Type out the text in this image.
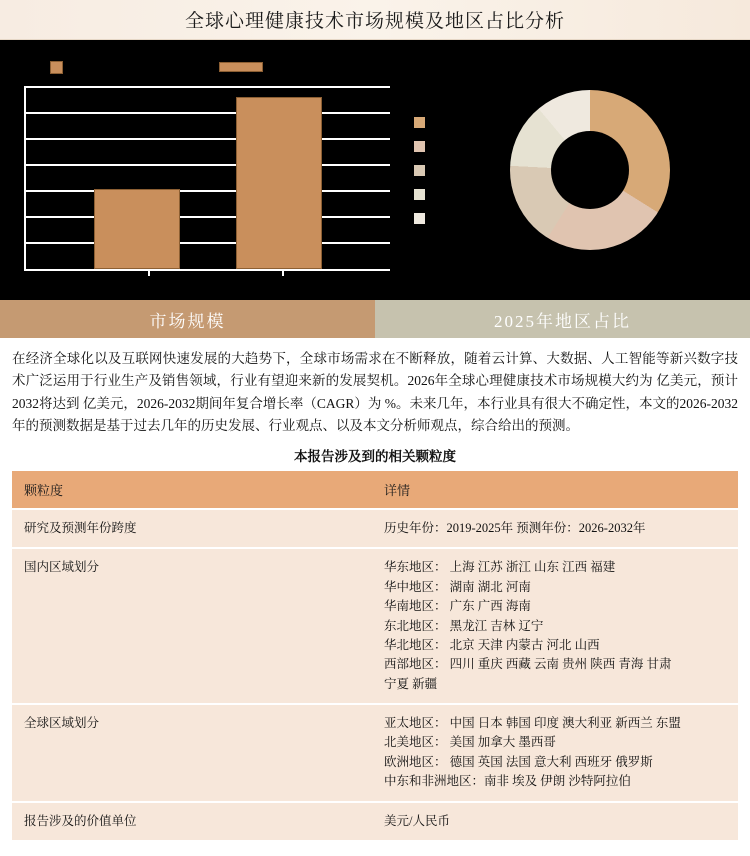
全球心理健康技术市场规模及地区占比分析
市场规模	2025年地区占比
在经济全球化以及互联网快速发展的大趋势下，全球市场需求在不断释放，随着云计算、大数据、人工智能等新兴数字技术广泛运用于行业生产及销售领域，行业有望迎来新的发展契机。2026年全球心理健康技术市场规模大约为 亿美元，预计2032将达到 亿美元，2026-2032期间年复合增长率（CAGR）为 %。未来几年，本行业具有很大不确定性，本文的2026-2032年的预测数据是基于过去几年的历史发展、行业观点、以及本文分析师观点，综合给出的预测。
本报告涉及到的相关颗粒度
颗粒度	详情
研究及预测年份跨度	历史年份：2019-2025年 预测年份：2026-2032年

国内区域划分	华东地区： 上海 江苏 浙江 山东 江西 福建
华中地区： 湖南 湖北 河南
华南地区： 广东 广西 海南
东北地区： 黑龙江 吉林 辽宁
华北地区： 北京 天津 内蒙古 河北 山西
西部地区： 四川 重庆 西藏 云南 贵州 陕西 青海 甘肃
宁夏 新疆

全球区域划分	亚太地区： 中国 日本 韩国 印度 澳大利亚 新西兰 东盟
北美地区： 美国 加拿大 墨西哥
欧洲地区： 德国 英国 法国 意大利 西班牙 俄罗斯
中东和非洲地区：南非 埃及 伊朗 沙特阿拉伯

报告涉及的价值单位	美元/人民币
